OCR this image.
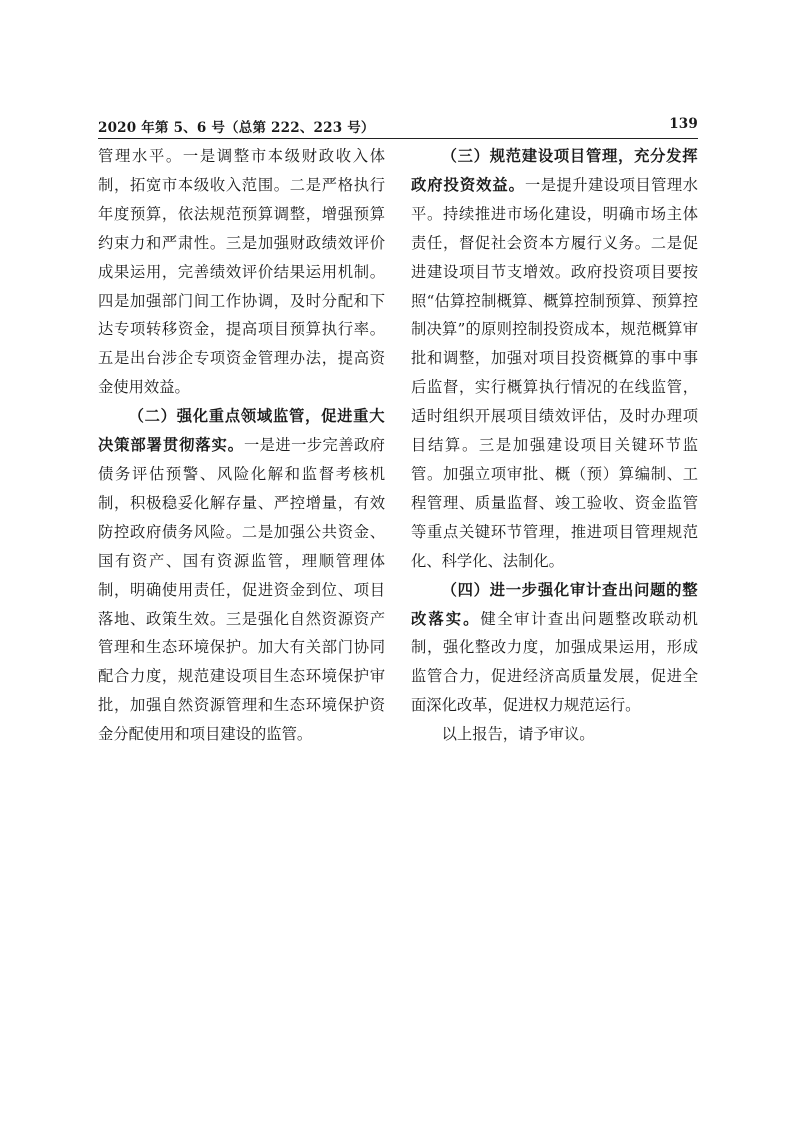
2020 年第 5、6 号（总第 222、223 号）	139

管理水平。一是调整市本级财政收入体制，拓宽市本级收入范围。二是严格执行年度预算，依法规范预算调整，增强预算约束力和严肃性。三是加强财政绩效评价成果运用，完善绩效评价结果运用机制。四是加强部门间工作协调，及时分配和下达专项转移资金，提高项目预算执行率。五是出台涉企专项资金管理办法，提高资金使用效益。

（二）强化重点领域监管，促进重大决策部署贯彻落实。一是进一步完善政府债务评估预警、风险化解和监督考核机制，积极稳妥化解存量、严控增量，有效防控政府债务风险。二是加强公共资金、国有资产、国有资源监管，理顺管理体制，明确使用责任，促进资金到位、项目落地、政策生效。三是强化自然资源资产管理和生态环境保护。加大有关部门协同配合力度，规范建设项目生态环境保护审批，加强自然资源管理和生态环境保护资金分配使用和项目建设的监管。

（三）规范建设项目管理，充分发挥政府投资效益。一是提升建设项目管理水平。持续推进市场化建设，明确市场主体责任，督促社会资本方履行义务。二是促进建设项目节支增效。政府投资项目要按照“估算控制概算、概算控制预算、预算控制决算”的原则控制投资成本，规范概算审批和调整，加强对项目投资概算的事中事后监督，实行概算执行情况的在线监管，适时组织开展项目绩效评估，及时办理项目结算。三是加强建设项目关键环节监管。加强立项审批、概（预）算编制、工程管理、质量监督、竣工验收、资金监管等重点关键环节管理，推进项目管理规范化、科学化、法制化。

（四）进一步强化审计查出问题的整改落实。健全审计查出问题整改联动机制，强化整改力度，加强成果运用，形成监管合力，促进经济高质量发展，促进全面深化改革，促进权力规范运行。

以上报告，请予审议。
